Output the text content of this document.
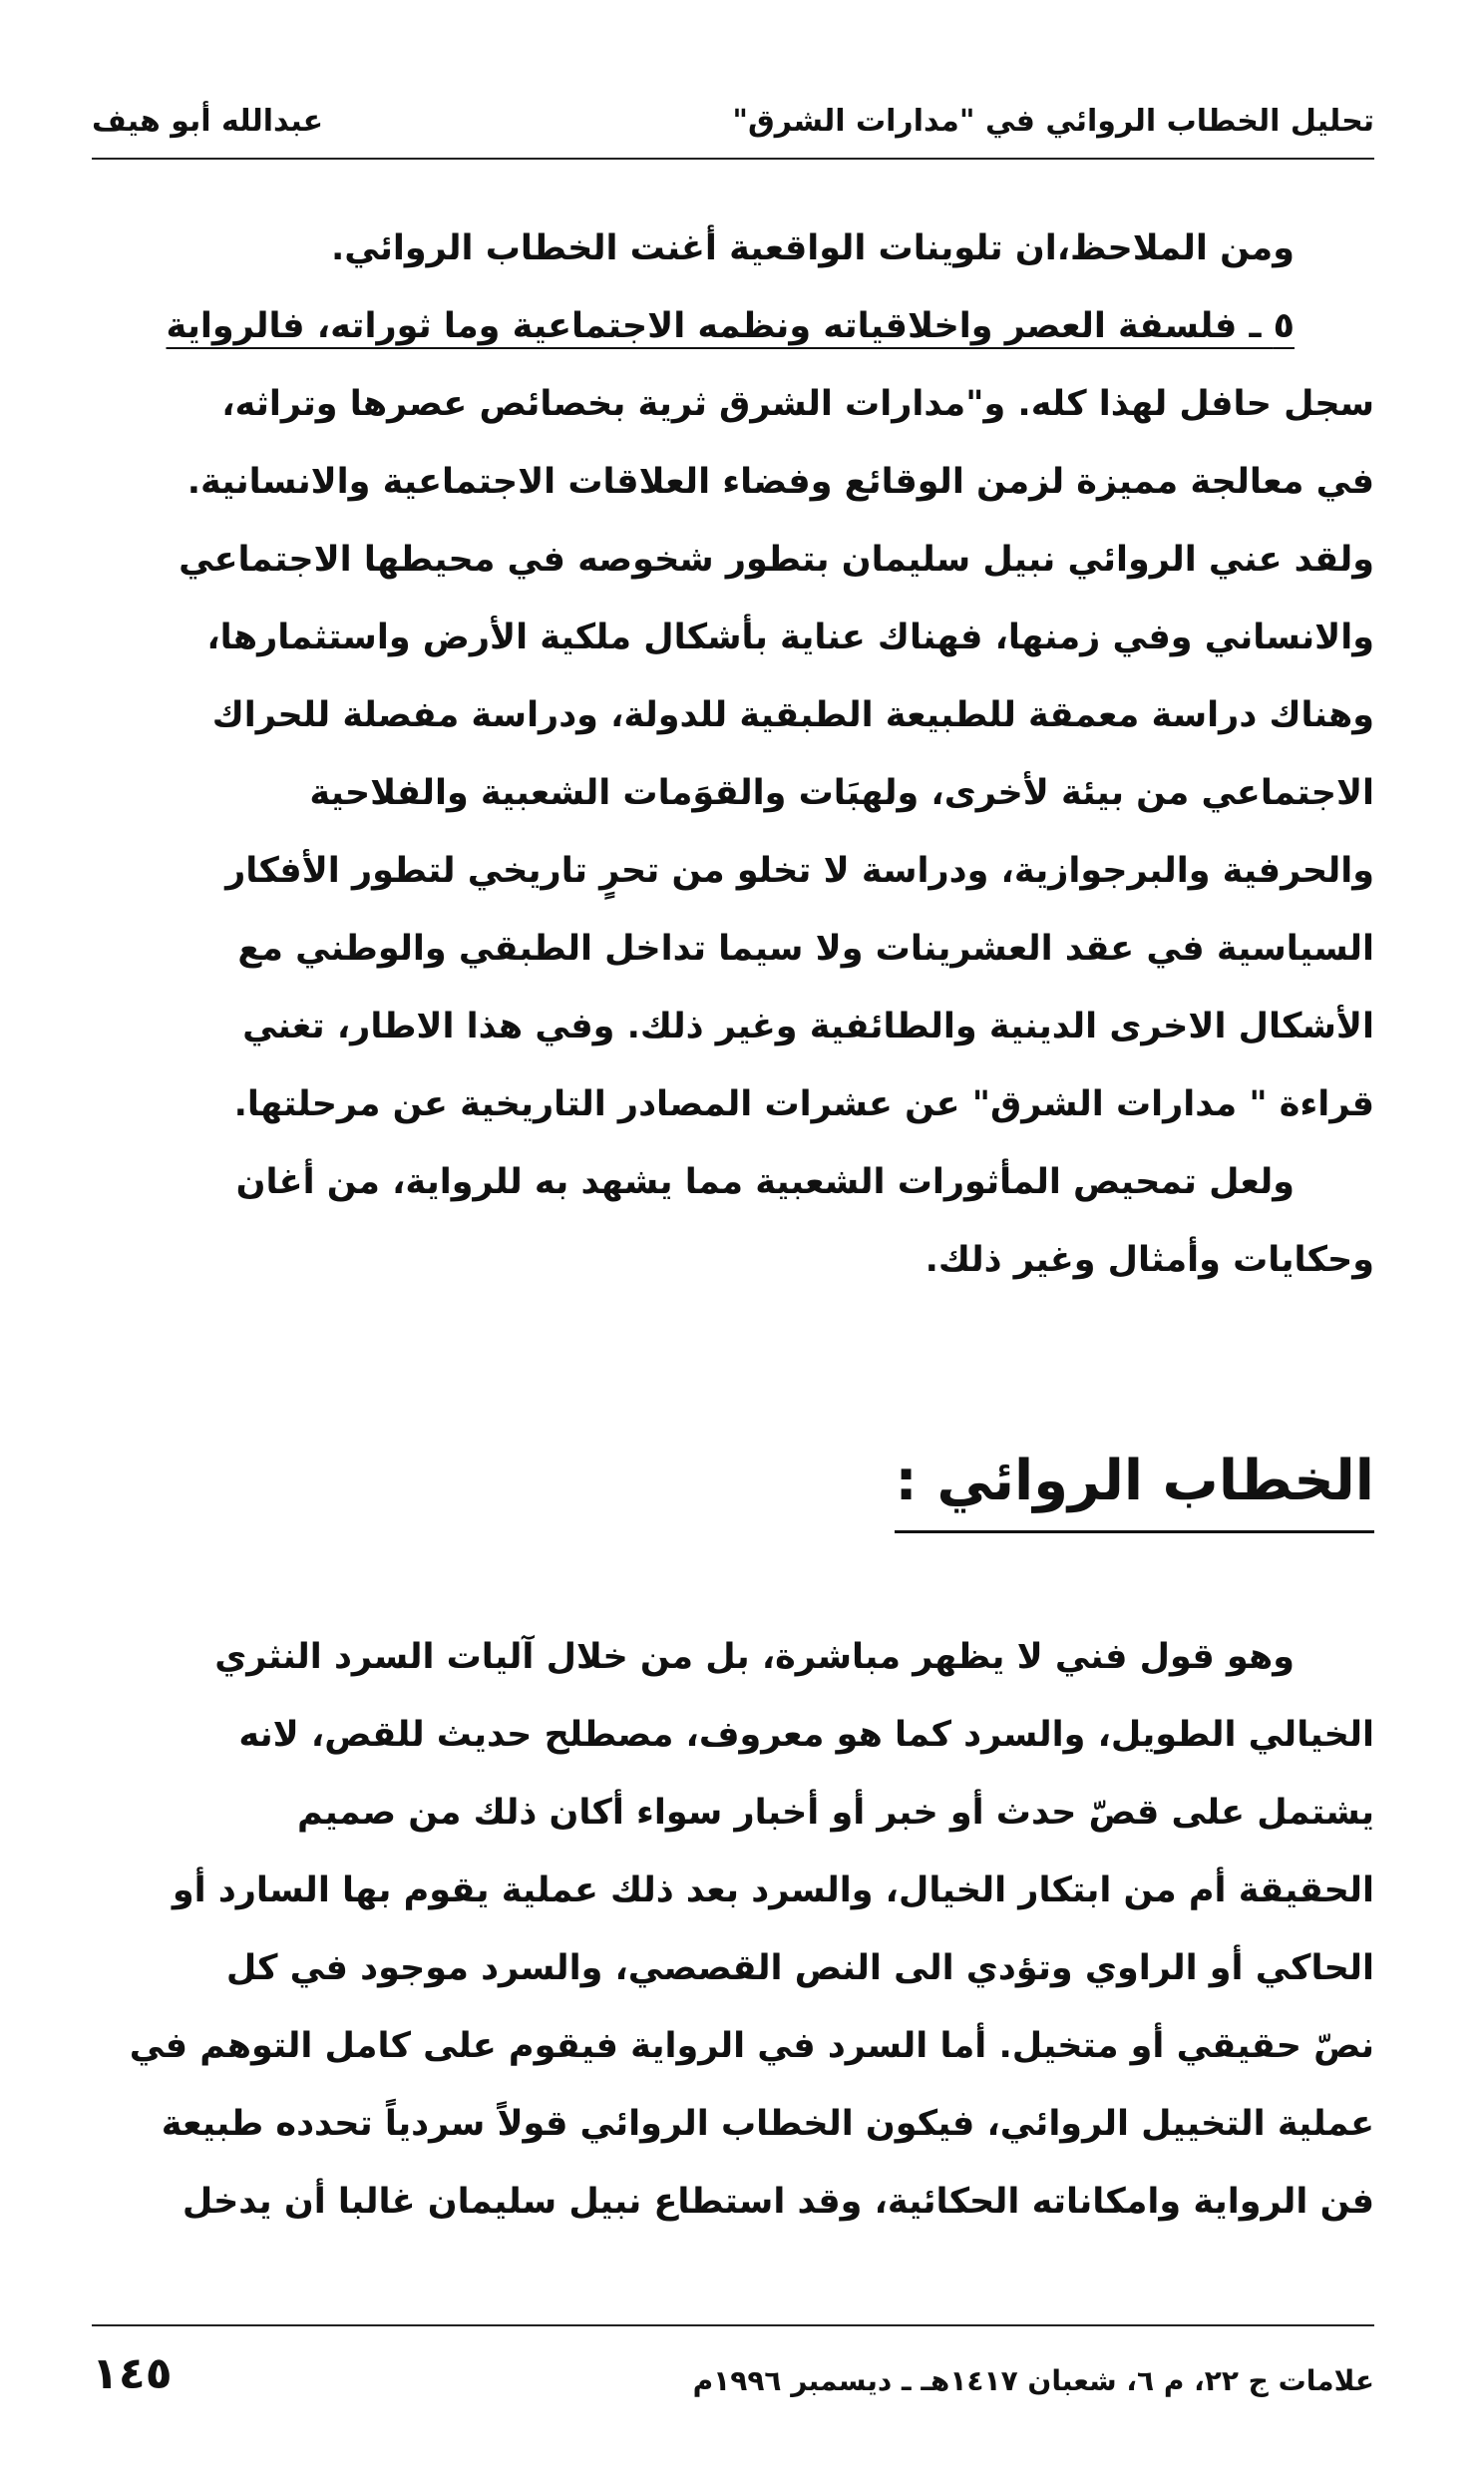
تحليل الخطاب الروائي في "مدارات الشرق"
عبدالله أبو هيف
ومن الملاحظ،ان تلوينات الواقعية أغنت الخطاب الروائي.
٥ ـ فلسفة العصر واخلاقياته ونظمه الاجتماعية وما ثوراته، فالرواية
سجل حافل لهذا كله. و"مدارات الشرق ثرية بخصائص عصرها وتراثه،
في معالجة مميزة لزمن الوقائع وفضاء العلاقات الاجتماعية والانسانية.
ولقد عني الروائي نبيل سليمان بتطور شخوصه في محيطها الاجتماعي
والانساني وفي زمنها، فهناك عناية بأشكال ملكية الأرض واستثمارها،
وهناك دراسة معمقة للطبيعة الطبقية للدولة، ودراسة مفصلة للحراك
الاجتماعي من بيئة لأخرى، ولهبَات والقوَمات الشعبية والفلاحية
والحرفية والبرجوازية، ودراسة لا تخلو من تحرٍ تاريخي لتطور الأفكار
السياسية في عقد العشرينات ولا سيما تداخل الطبقي والوطني مع
الأشكال الاخرى الدينية والطائفية وغير ذلك. وفي هذا الاطار، تغني
قراءة " مدارات الشرق" عن عشرات المصادر التاريخية عن مرحلتها.
ولعل تمحيص المأثورات الشعبية مما يشهد به للرواية، من أغان
وحكايات وأمثال وغير ذلك.
الخطاب الروائي :
وهو قول فني لا يظهر مباشرة، بل من خلال آليات السرد النثري
الخيالي الطويل، والسرد كما هو معروف، مصطلح حديث للقص، لانه
يشتمل على قصّ حدث أو خبر أو أخبار سواء أكان ذلك من صميم
الحقيقة أم من ابتكار الخيال، والسرد بعد ذلك عملية يقوم بها السارد أو
الحاكي أو الراوي وتؤدي الى النص القصصي، والسرد موجود في كل
نصّ حقيقي أو متخيل. أما السرد في الرواية فيقوم على كامل التوهم في
عملية التخييل الروائي، فيكون الخطاب الروائي قولاً سردياً تحدده طبيعة
فن الرواية وامكاناته الحكائية، وقد استطاع نبيل سليمان غالبا أن يدخل
علامات ج ٢٢، م ٦، شعبان ١٤١٧هـ ـ ديسمبر ١٩٩٦م
١٤٥
